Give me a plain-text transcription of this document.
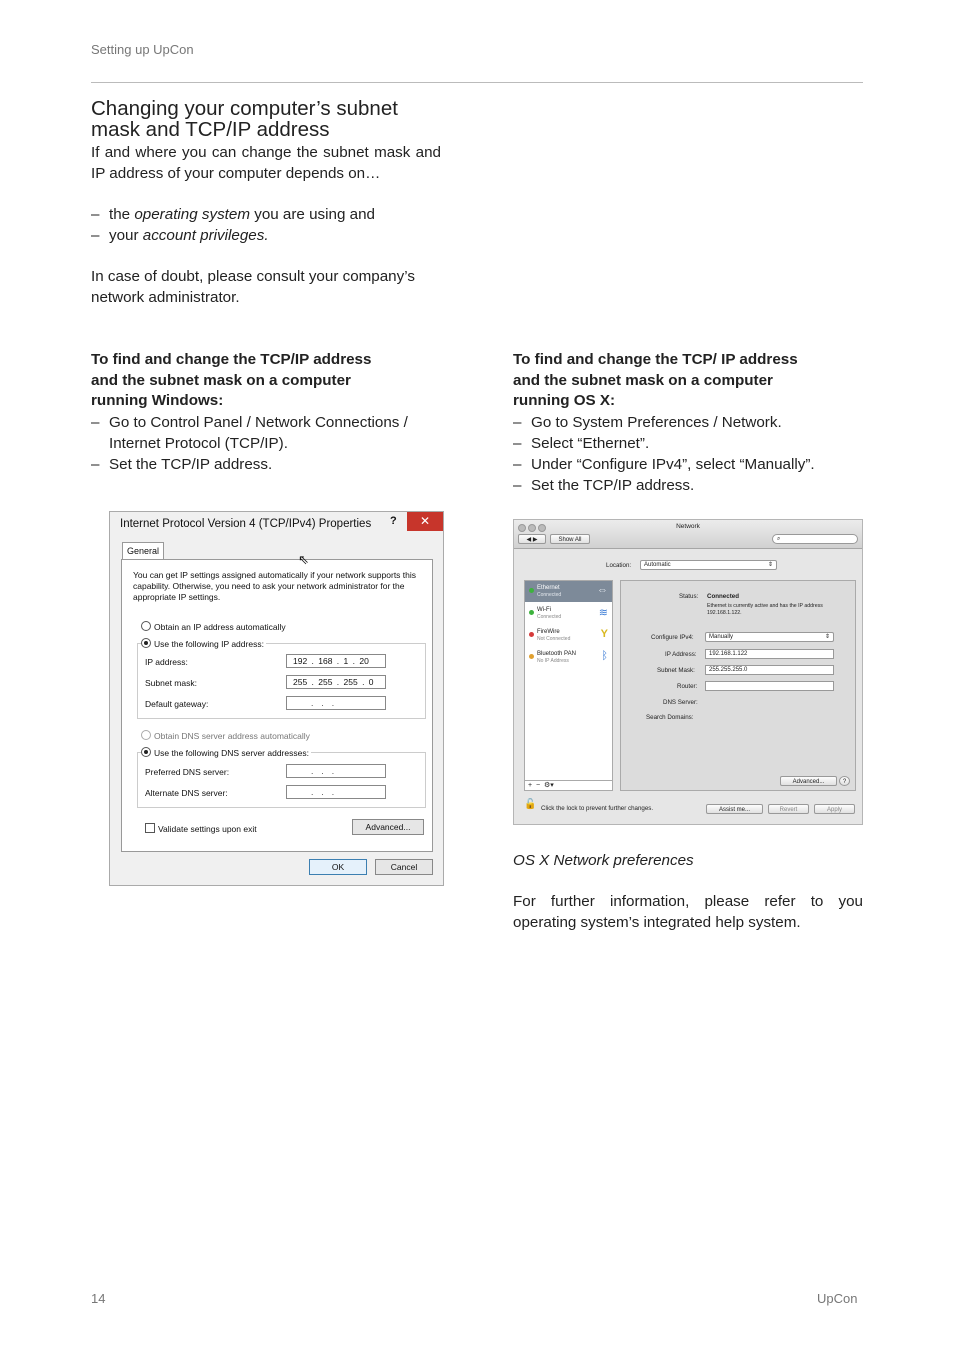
Setting up UpCon
Changing your computer’s subnet mask and TCP/IP address
If and where you can change the subnet mask and IP address of your computer depends on…
– the operating system you are using and
– your account privileges.
In case of doubt, please consult your company’s network administrator.
To find and change the TCP/IP address and the subnet mask on a computer running Windows:
– Go to Control Panel / Network Connections / Internet Protocol (TCP/IP).
– Set the TCP/IP address.
Internet Protocol Version 4 (TCP/IPv4) Properties ?	✕
General
You can get IP settings assigned automatically if your network supports this capability. Otherwise, you need to ask your network administrator for the appropriate IP settings.
Obtain an IP address automatically
Use the following IP address:
IP address:	192 . 168 . 1 . 20
Subnet mask:	255 . 255 . 255 . 0
Default gateway:	...
Obtain DNS server address automatically
Use the following DNS server addresses:
Preferred DNS server:	...
Alternate DNS server:	...
Validate settings upon exit	Advanced...
OK	Cancel
⇖
To find and change the TCP/ IP address and the subnet mask on a computer running OS X:
– Go to System Preferences / Network.
– Select “Ethernet”.
– Under “Configure IPv4”, select “Manually”.
– Set the TCP/IP address.
Network
◀ ▶	Show All	⌕
Location:	Automatic	⇕
Ethernet
Connected	⇔
Wi-Fi
Connected	≋
FireWire
Not Connected	Y
Bluetooth PAN
No IP Address	ᛒ
+  −  ⚙▾
Status: Connected
Ethernet is currently active and has the IP address 192.168.1.122.
Configure IPv4:	Manually	⇕
IP Address:	192.168.1.122
Subnet Mask:	255.255.255.0
Router:
DNS Server:
Search Domains:
Advanced...	?
🔓 Click the lock to prevent further changes.	Assist me...	Revert	Apply
OS X Network preferences
For further information, please refer to you operating system’s integrated help system.
14	UpCon
